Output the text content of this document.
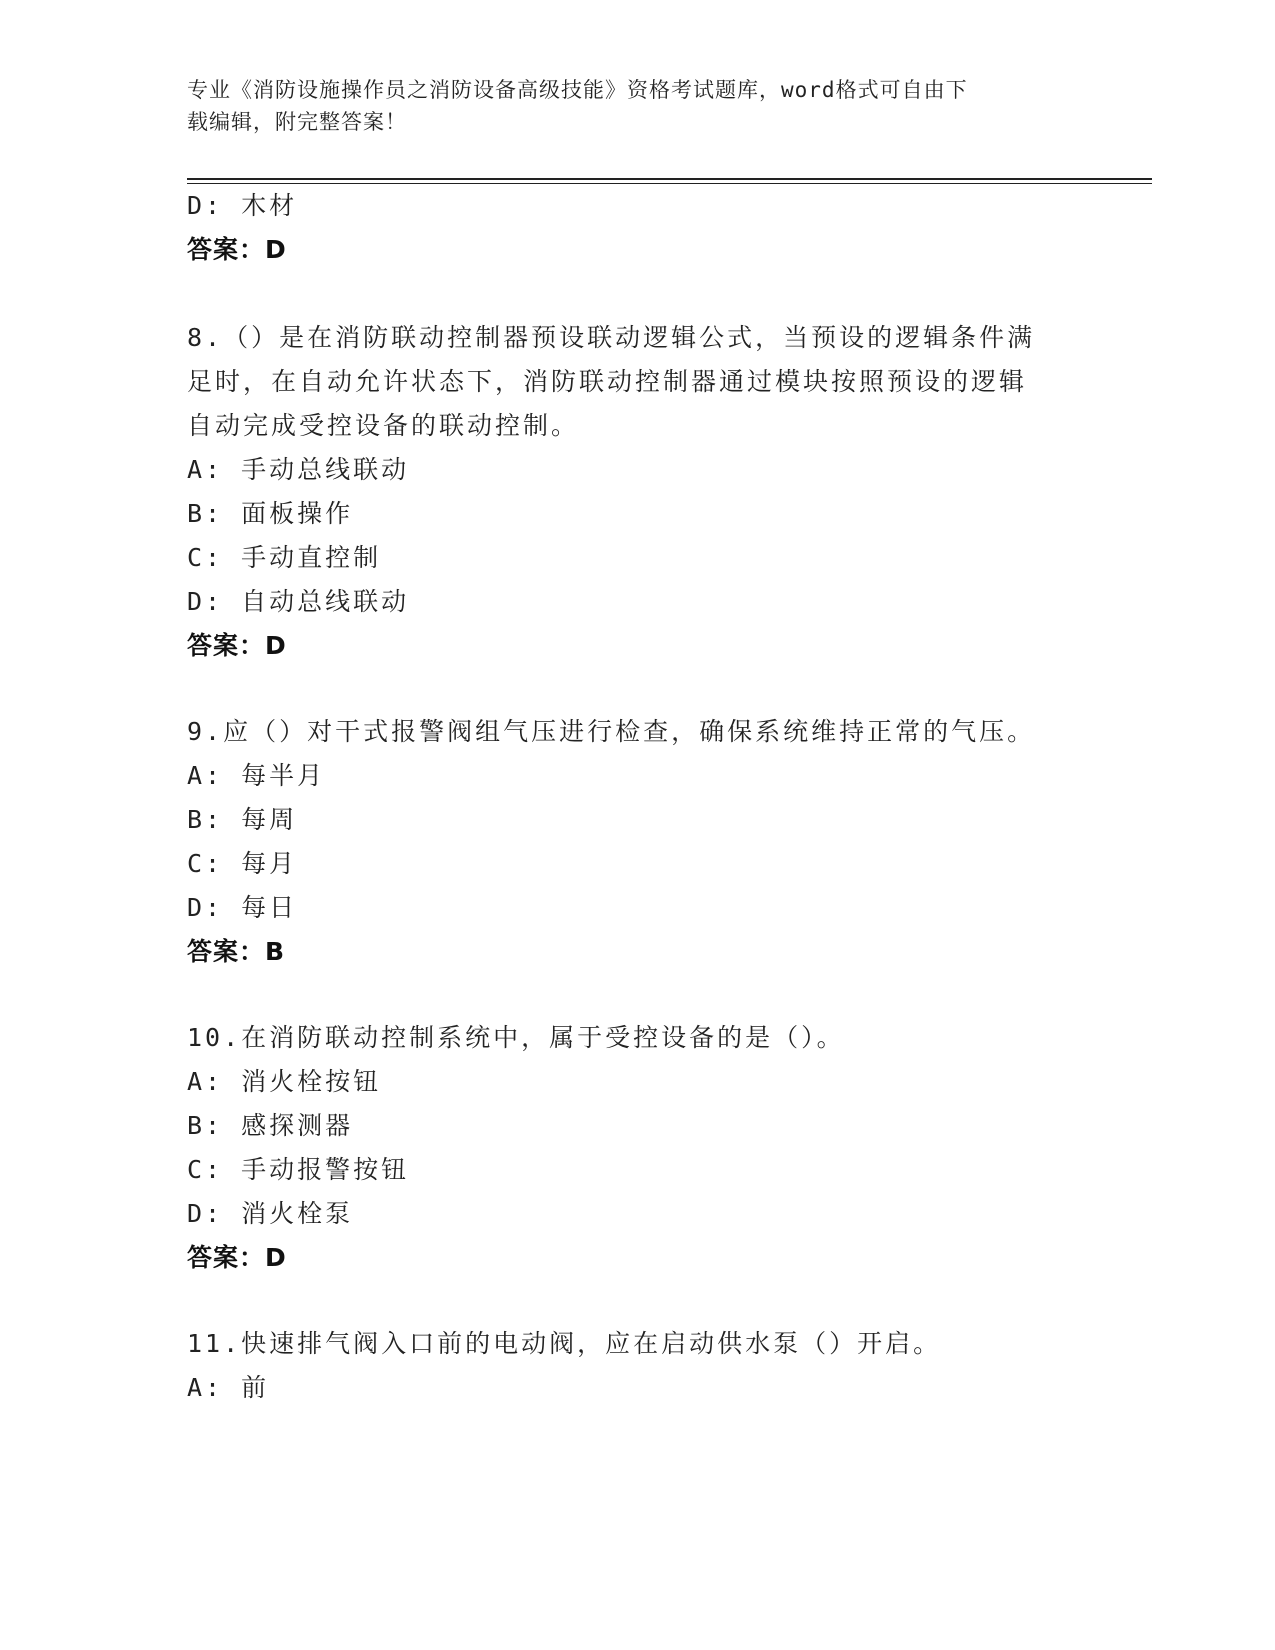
专业《消防设施操作员之消防设备高级技能》资格考试题库，word格式可自由下
载编辑，附完整答案！
D: 木材
答案：D
8.（）是在消防联动控制器预设联动逻辑公式，当预设的逻辑条件满
足时，在自动允许状态下，消防联动控制器通过模块按照预设的逻辑
自动完成受控设备的联动控制。
A: 手动总线联动
B: 面板操作
C: 手动直控制
D: 自动总线联动
答案：D
9.应（）对干式报警阀组气压进行检查，确保系统维持正常的气压。
A: 每半月
B: 每周
C: 每月
D: 每日
答案：B
10.在消防联动控制系统中，属于受控设备的是（）。
A: 消火栓按钮
B: 感探测器
C: 手动报警按钮
D: 消火栓泵
答案：D
11.快速排气阀入口前的电动阀，应在启动供水泵（）开启。
A: 前
